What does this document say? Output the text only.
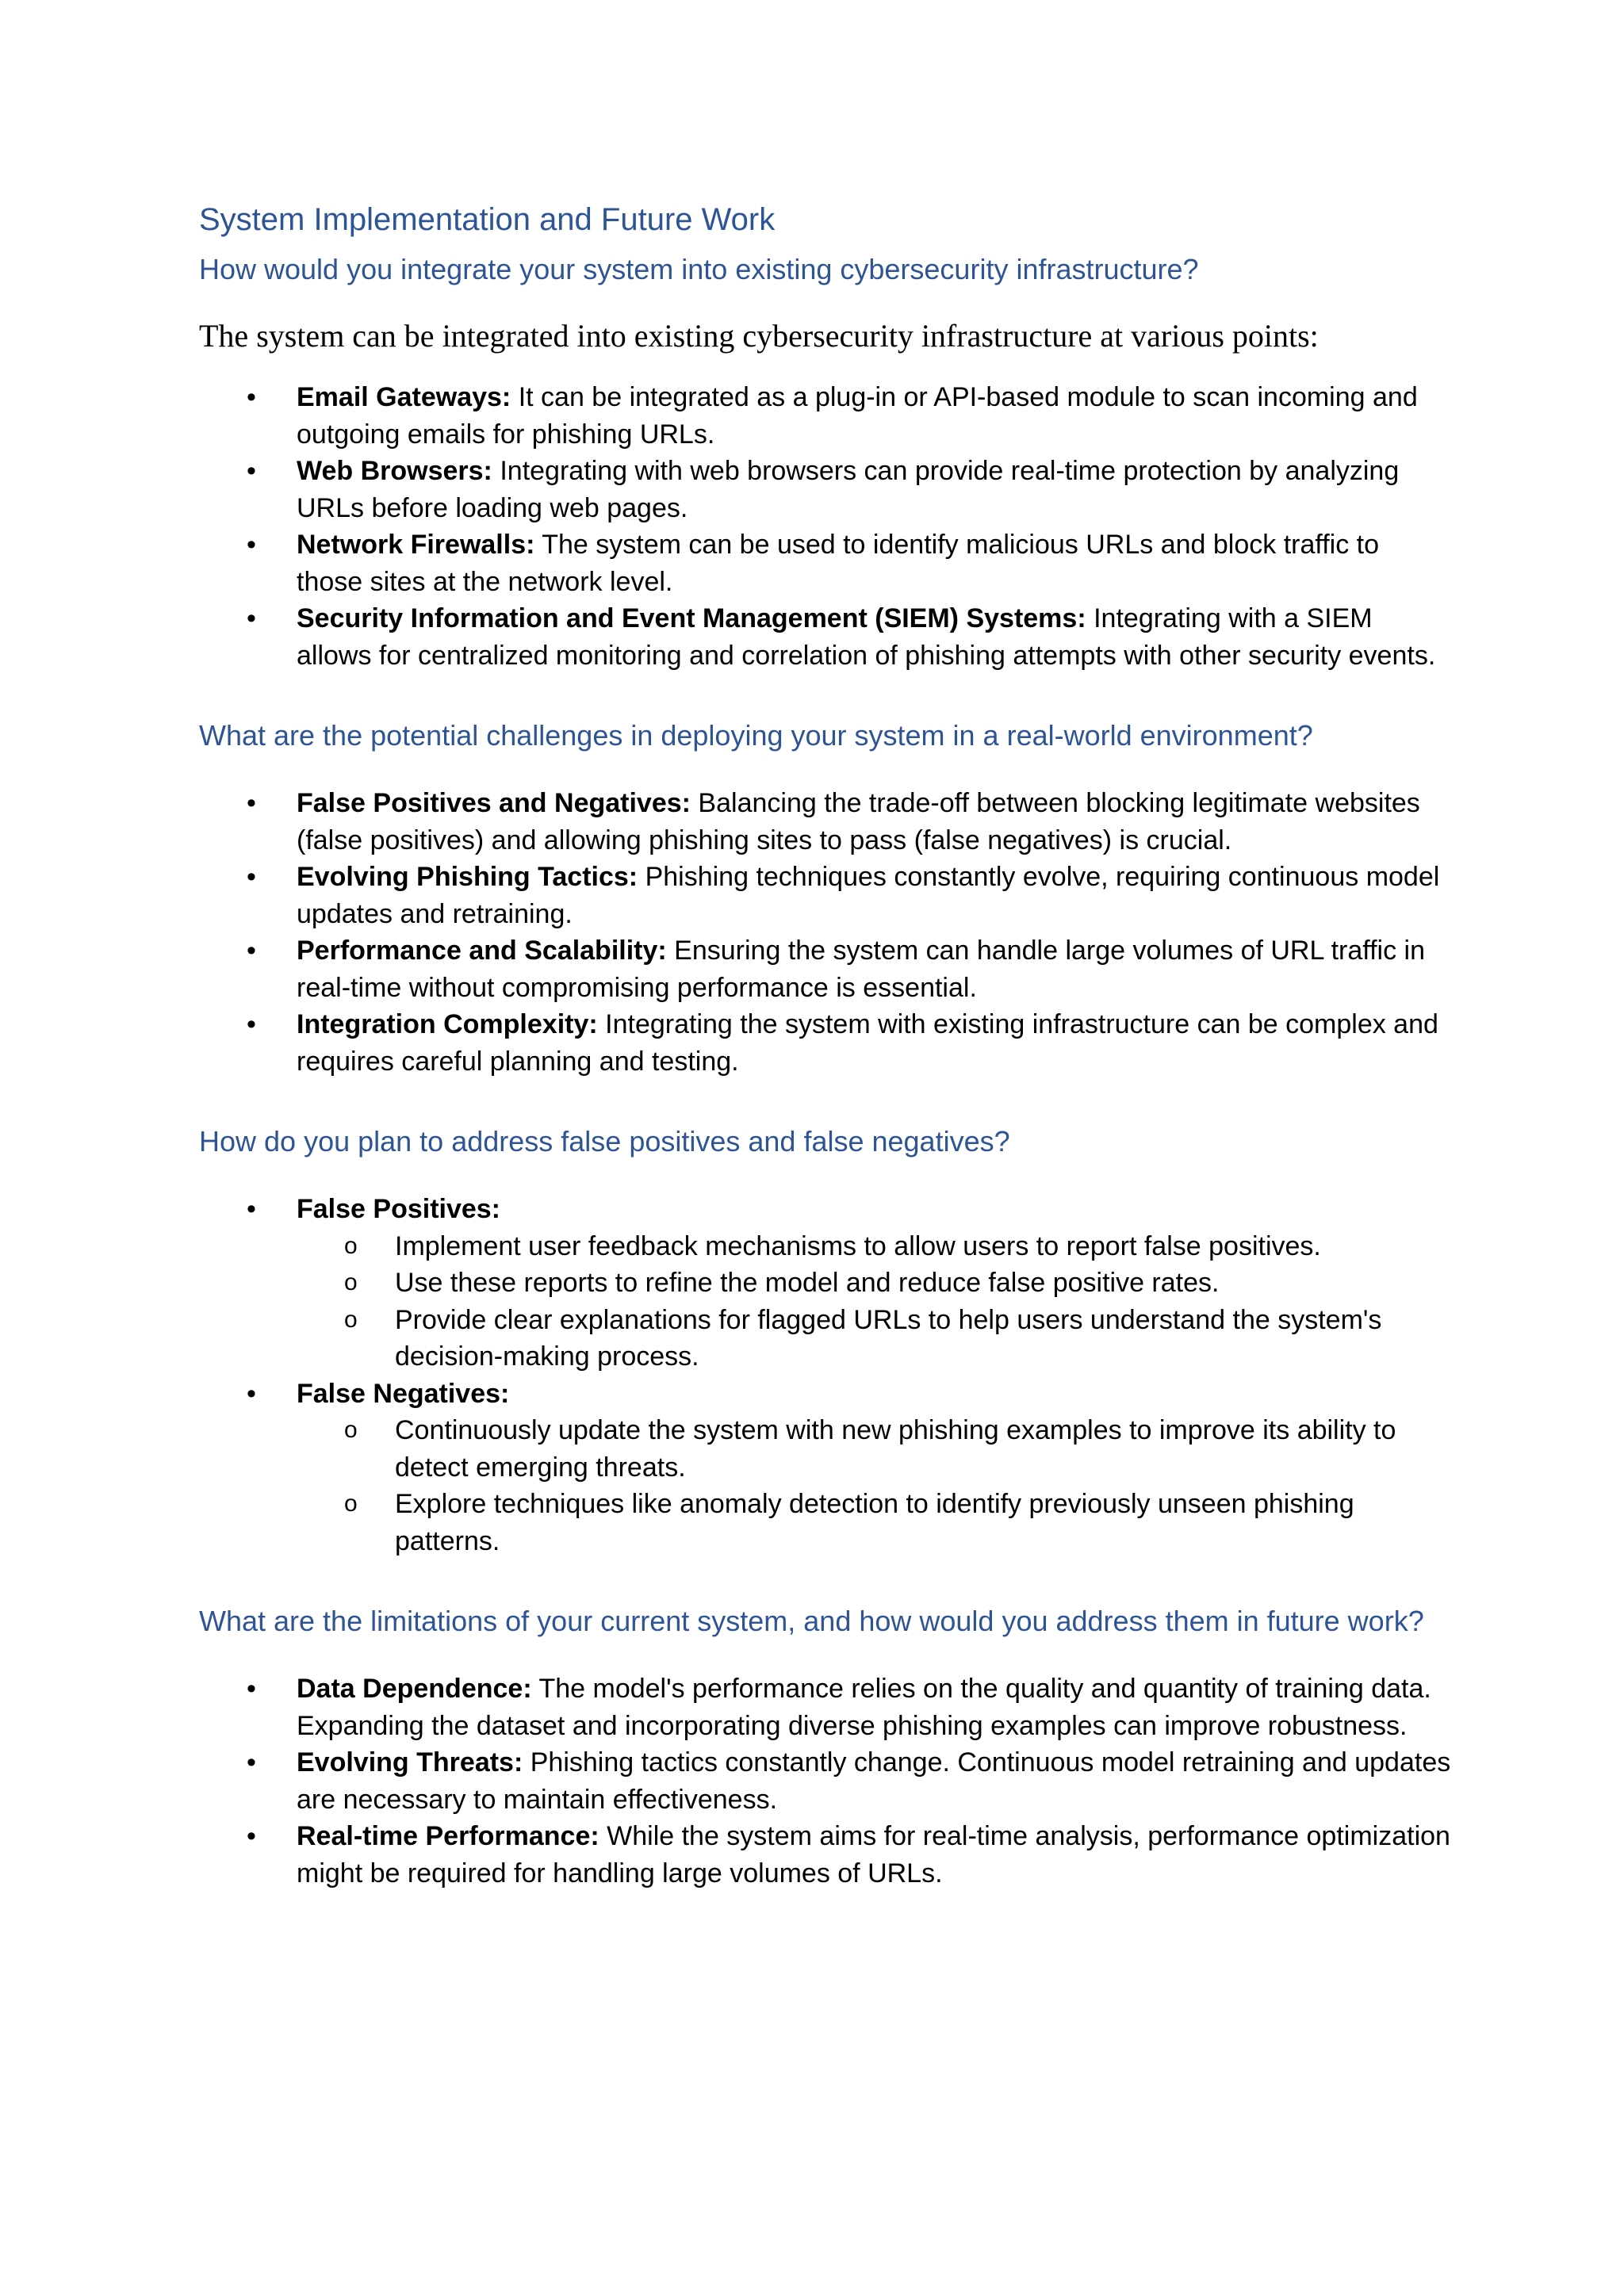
System Implementation and Future Work
How would you integrate your system into existing cybersecurity infrastructure?

The system can be integrated into existing cybersecurity infrastructure at various points:

• Email Gateways: It can be integrated as a plug-in or API-based module to scan incoming and outgoing emails for phishing URLs.
• Web Browsers: Integrating with web browsers can provide real-time protection by analyzing URLs before loading web pages.
• Network Firewalls: The system can be used to identify malicious URLs and block traffic to those sites at the network level.
• Security Information and Event Management (SIEM) Systems: Integrating with a SIEM allows for centralized monitoring and correlation of phishing attempts with other security events.
What are the potential challenges in deploying your system in a real-world environment?
• False Positives and Negatives: Balancing the trade-off between blocking legitimate websites (false positives) and allowing phishing sites to pass (false negatives) is crucial.
• Evolving Phishing Tactics: Phishing techniques constantly evolve, requiring continuous model updates and retraining.
• Performance and Scalability: Ensuring the system can handle large volumes of URL traffic in real-time without compromising performance is essential.
• Integration Complexity: Integrating the system with existing infrastructure can be complex and requires careful planning and testing.
How do you plan to address false positives and false negatives?
• False Positives:
o Implement user feedback mechanisms to allow users to report false positives.
o Use these reports to refine the model and reduce false positive rates.
o Provide clear explanations for flagged URLs to help users understand the system's decision-making process.
• False Negatives:
o Continuously update the system with new phishing examples to improve its ability to detect emerging threats.
o Explore techniques like anomaly detection to identify previously unseen phishing patterns.
What are the limitations of your current system, and how would you address them in future work?
• Data Dependence: The model's performance relies on the quality and quantity of training data. Expanding the dataset and incorporating diverse phishing examples can improve robustness.
• Evolving Threats: Phishing tactics constantly change. Continuous model retraining and updates are necessary to maintain effectiveness.
• Real-time Performance: While the system aims for real-time analysis, performance optimization might be required for handling large volumes of URLs.
